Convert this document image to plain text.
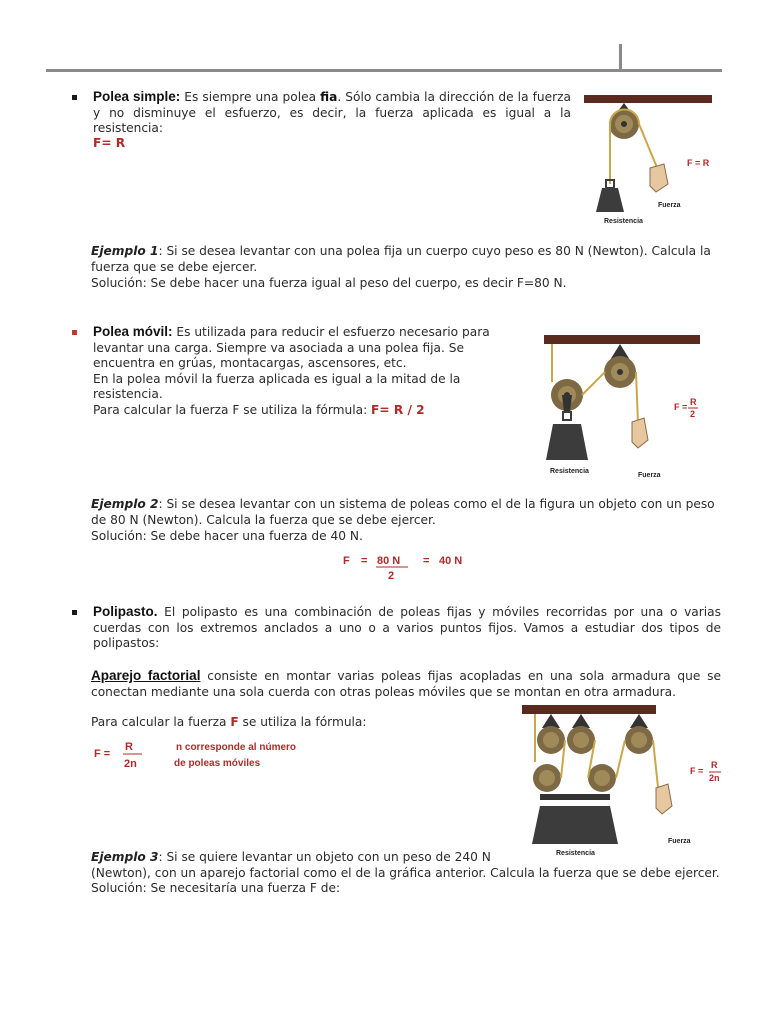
Polea simple: Es siempre una polea fia. Sólo cambia la dirección de la fuerza y no disminuye el esfuerzo, es decir, la fuerza aplicada es igual a la resistencia:

F= R

F = R
Resistencia
Fuerza

Ejemplo 1: Si se desea levantar con una polea fija un cuerpo cuyo peso es 80 N (Newton). Calcula la fuerza que se debe ejercer.

Solución: Se debe hacer una fuerza igual al peso del cuerpo, es decir F=80 N.

Polea móvil: Es utilizada para reducir el esfuerzo necesario para
levantar una carga. Siempre va asociada a una polea fija. Se
encuentra en grúas, montacargas, ascensores, etc.
En la polea móvil la fuerza aplicada es igual a la mitad de la
resistencia.
Para calcular la fuerza F se utiliza la fórmula: F= R / 2	F = R
2
Resistencia
Fuerza

Ejemplo 2: Si se desea levantar con un sistema de poleas como el de la figura un objeto con un peso de 80 N (Newton). Calcula la fuerza que se debe ejercer.

Solución: Se debe hacer una fuerza de 40 N.

F = 80 N
2
= 40 N

Polipasto. El polipasto es una combinación de poleas fijas y móviles recorridas por una o varias cuerdas con los extremos anclados a uno o a varios puntos fijos. Vamos a estudiar dos tipos de polipastos:

Aparejo factorial consiste en montar varias poleas fijas acopladas en una sola armadura que se conectan mediante una sola cuerda con otras poleas móviles que se montan en otra armadura.

Para calcular la fuerza F se utiliza la fórmula:

F =
R
2n
n corresponde al número
de poleas móviles
F =
R
2n
Resistencia
Fuerza
Ejemplo 3: Si se quiere levantar un objeto con un peso de 240 N
(Newton), con un aparejo factorial como el de la gráfica anterior. Calcula la fuerza que se debe ejercer.
Solución: Se necesitaría una fuerza F de:
